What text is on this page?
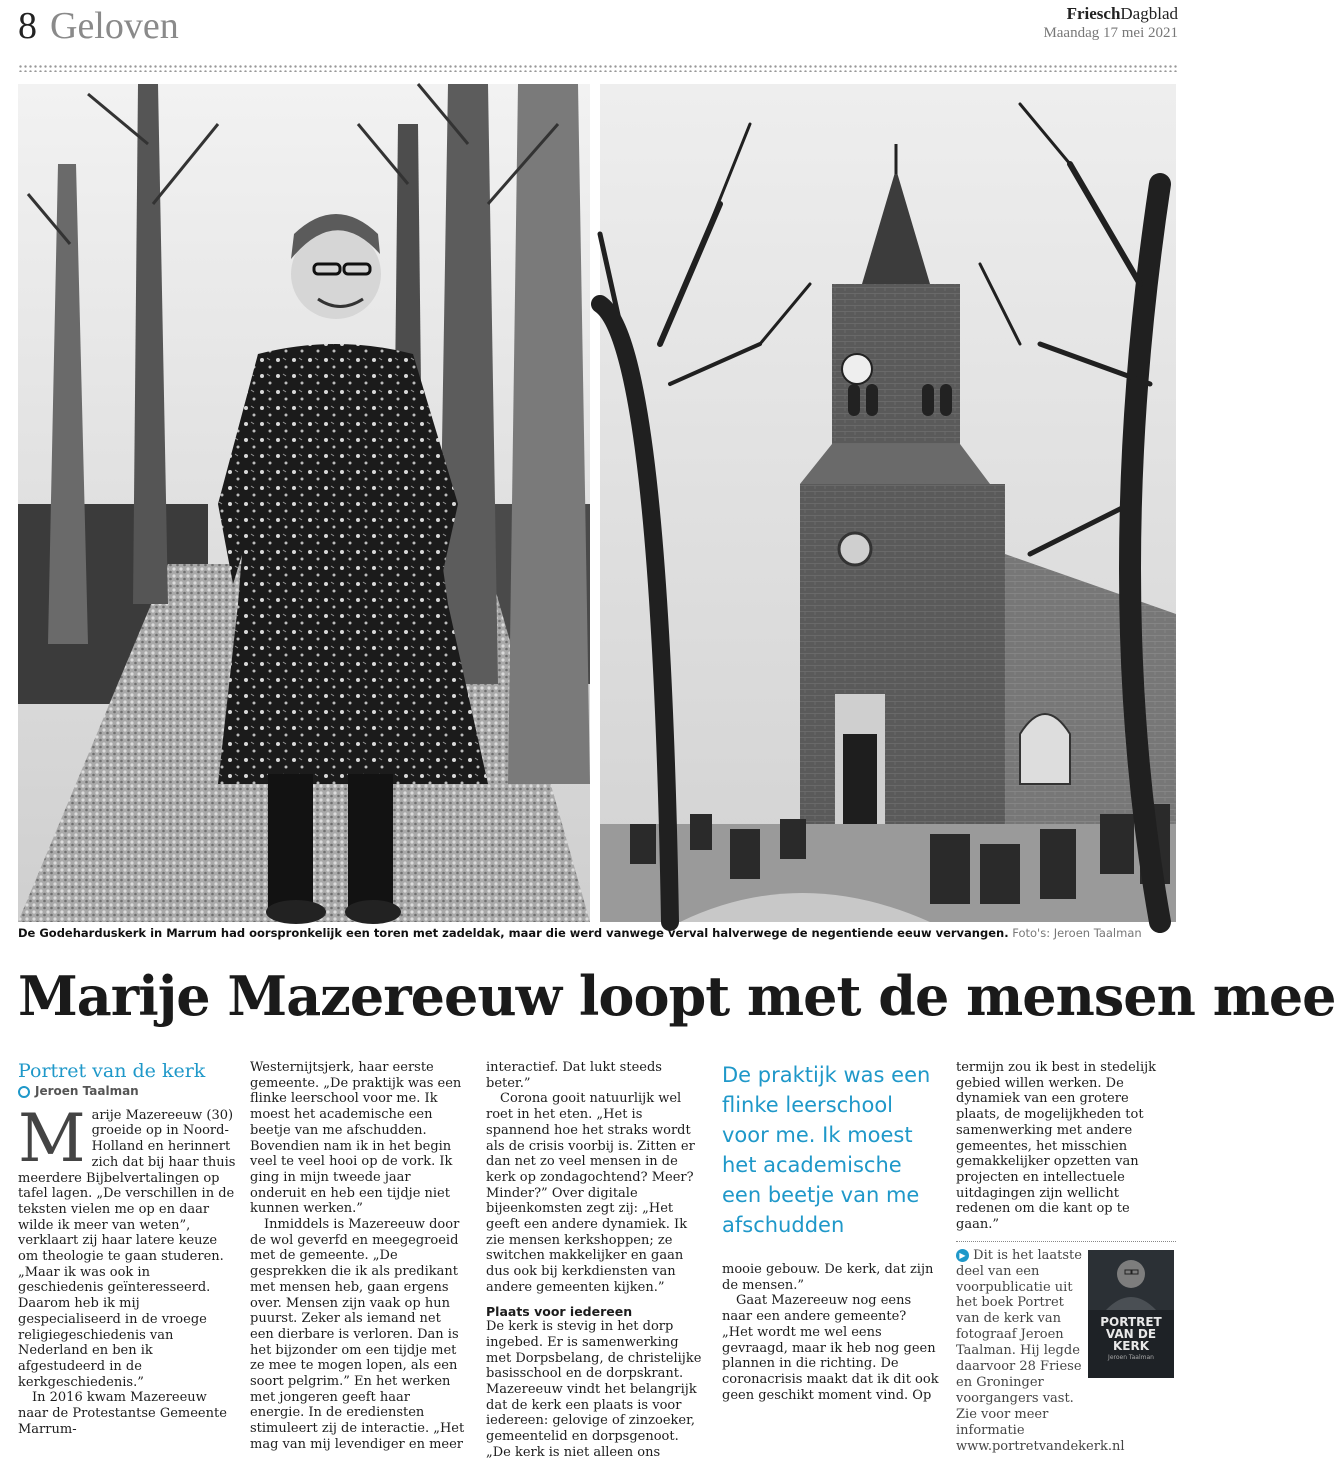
8 Geloven	FrieschDagblad
Maandag 17 mei 2021
De Godeharduskerk in Marrum had oorspronkelijk een toren met zadeldak, maar die werd vanwege verval halverwege de negentiende eeuw vervangen. Foto's: Jeroen Taalman
Marije Mazereeuw loopt met de mensen mee
Portret van de kerk
Jeroen Taalman
M arije Mazereeuw (30) groeide op in Noord-Holland en herinnert zich dat bij haar thuis meerdere Bijbelvertalingen op tafel lagen. „De verschillen in de teksten vielen me op en daar wilde ik meer van weten”, verklaart zij haar latere keuze om theologie te gaan studeren. „Maar ik was ook in geschiedenis geïnteresseerd. Daarom heb ik mij gespecialiseerd in de vroege religiegeschiedenis van Nederland en ben ik afgestudeerd in de kerkgeschiedenis.”

In 2016 kwam Mazereeuw naar de Protestantse Gemeente Marrum-

Westernijtsjerk, haar eerste gemeente. „De praktijk was een flinke leerschool voor me. Ik moest het academische een beetje van me afschudden. Bovendien nam ik in het begin veel te veel hooi op de vork. Ik ging in mijn tweede jaar onderuit en heb een tijdje niet kunnen werken.”

Inmiddels is Mazereeuw door de wol geverfd en meegegroeid met de gemeente. „De gesprekken die ik als predikant met mensen heb, gaan ergens over. Mensen zijn vaak op hun puurst. Zeker als iemand net een dierbare is verloren. Dan is het bijzonder om een tijdje met ze mee te mogen lopen, als een soort pelgrim.” En het werken met jongeren geeft haar energie. In de erediensten stimuleert zij de interactie. „Het mag van mij levendiger en meer

interactief. Dat lukt steeds beter.”

Corona gooit natuurlijk wel roet in het eten. „Het is spannend hoe het straks wordt als de crisis voorbij is. Zitten er dan net zo veel mensen in de kerk op zondagochtend? Meer? Minder?” Over digitale bijeenkomsten zegt zij: „Het geeft een andere dynamiek. Ik zie mensen kerkshoppen; ze switchen makkelijker en gaan dus ook bij kerkdiensten van andere gemeenten kijken.”

Plaats voor iedereen

De kerk is stevig in het dorp ingebed. Er is samenwerking met Dorpsbelang, de christelijke basisschool en de dorpskrant. Mazereeuw vindt het belangrijk dat de kerk een plaats is voor iedereen: gelovige of zinzoeker, gemeentelid en dorpsgenoot. „De kerk is niet alleen ons

De praktijk was een flinke leerschool voor me. Ik moest het academische een beetje van me afschudden

mooie gebouw. De kerk, dat zijn de mensen.”

Gaat Mazereeuw nog eens naar een andere gemeente? „Het wordt me wel eens gevraagd, maar ik heb nog geen plannen in die richting. De coronacrisis maakt dat ik dit ook geen geschikt moment vind. Op

termijn zou ik best in stedelijk gebied willen werken. De dynamiek van een grotere plaats, de mogelijkheden tot samenwerking met andere gemeentes, het misschien gemakkelijker opzetten van projecten en intellectuele uitdagingen zijn wellicht redenen om die kant op te gaan.”

▶ Dit is het laatste deel van een voorpublicatie uit het boek Portret van de kerk van fotograaf Jeroen Taalman. Hij legde daarvoor 28 Friese en Groninger voorgangers vast. Zie voor meer informatie www.portretvandekerk.nl
PORTRET VAN DE KERK
Jeroen Taalman
